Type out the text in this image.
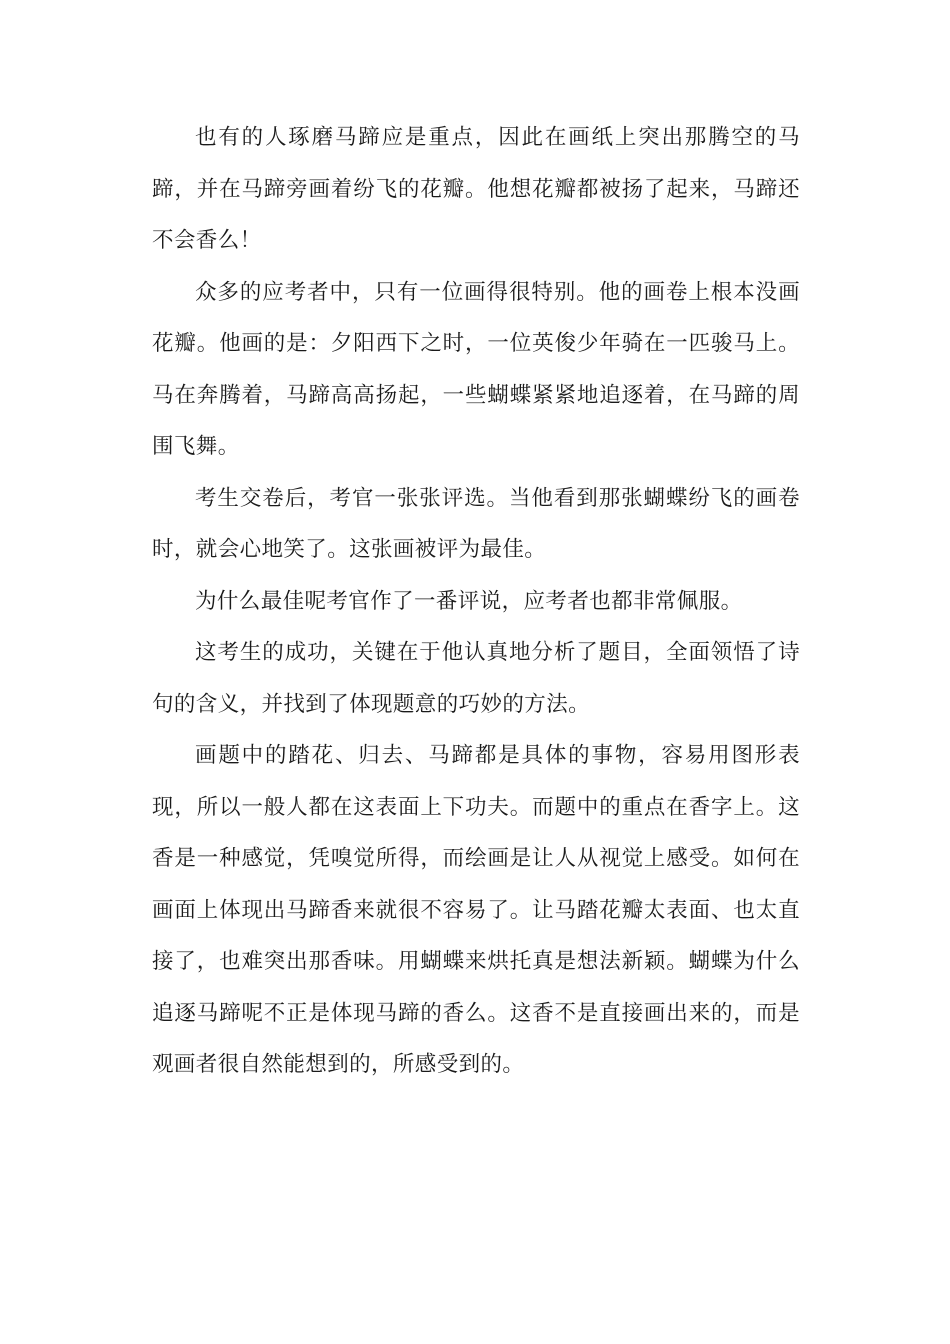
也有的人琢磨马蹄应是重点，因此在画纸上突出那腾空的马
蹄，并在马蹄旁画着纷飞的花瓣。他想花瓣都被扬了起来，马蹄还
不会香么！
众多的应考者中，只有一位画得很特别。他的画卷上根本没画
花瓣。他画的是：夕阳西下之时，一位英俊少年骑在一匹骏马上。
马在奔腾着，马蹄高高扬起，一些蝴蝶紧紧地追逐着，在马蹄的周
围飞舞。
考生交卷后，考官一张张评选。当他看到那张蝴蝶纷飞的画卷
时，就会心地笑了。这张画被评为最佳。
为什么最佳呢考官作了一番评说，应考者也都非常佩服。
这考生的成功，关键在于他认真地分析了题目，全面领悟了诗
句的含义，并找到了体现题意的巧妙的方法。
画题中的踏花、归去、马蹄都是具体的事物，容易用图形表
现，所以一般人都在这表面上下功夫。而题中的重点在香字上。这
香是一种感觉，凭嗅觉所得，而绘画是让人从视觉上感受。如何在
画面上体现出马蹄香来就很不容易了。让马踏花瓣太表面、也太直
接了，也难突出那香味。用蝴蝶来烘托真是想法新颖。蝴蝶为什么
追逐马蹄呢不正是体现马蹄的香么。这香不是直接画出来的，而是
观画者很自然能想到的，所感受到的。
